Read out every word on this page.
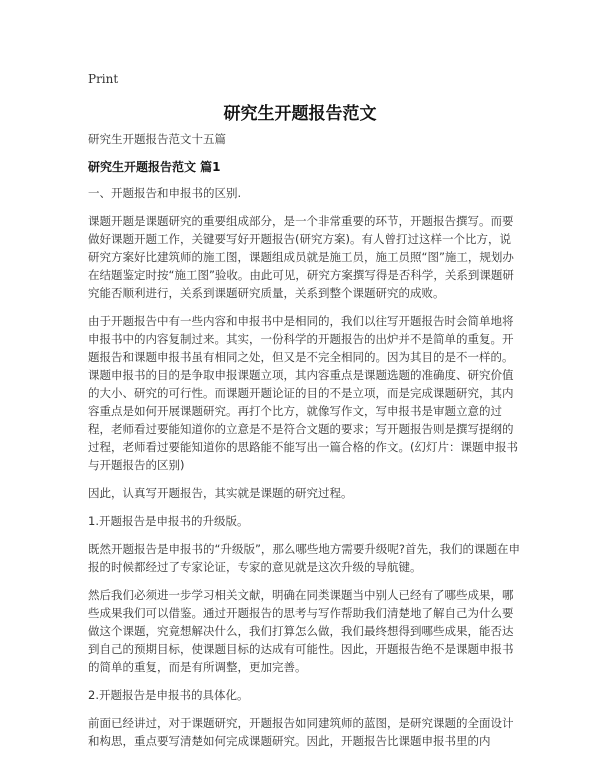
Print
研究生开题报告范文
研究生开题报告范文十五篇
研究生开题报告范文 篇1

一、开题报告和申报书的区别.

课题开题是课题研究的重要组成部分，是一个非常重要的环节，开题报告撰写。而要做好课题开题工作，关键要写好开题报告(研究方案)。有人曾打过这样一个比方，说研究方案好比建筑师的施工图，课题组成员就是施工员，施工员照“图”施工，规划办在结题鉴定时按“施工图”验收。由此可见，研究方案撰写得是否科学，关系到课题研究能否顺利进行，关系到课题研究质量，关系到整个课题研究的成败。

由于开题报告中有一些内容和申报书中是相同的，我们以往写开题报告时会简单地将申报书中的内容复制过来。其实，一份科学的开题报告的出炉并不是简单的重复。开题报告和课题申报书虽有相同之处，但又是不完全相同的。因为其目的是不一样的。课题申报书的目的是争取申报课题立项，其内容重点是课题选题的准确度、研究价值的大小、研究的可行性。而课题开题论证的目的不是立项，而是完成课题研究，其内容重点是如何开展课题研究。再打个比方，就像写作文，写申报书是审题立意的过程，老师看过要能知道你的立意是不是符合文题的要求；写开题报告则是撰写提纲的过程，老师看过要能知道你的思路能不能写出一篇合格的作文。(幻灯片：课题申报书与开题报告的区别)

因此，认真写开题报告，其实就是课题的研究过程。

1.开题报告是申报书的升级版。

既然开题报告是申报书的“升级版”，那么哪些地方需要升级呢?首先，我们的课题在申报的时候都经过了专家论证，专家的意见就是这次升级的导航键。

然后我们必须进一步学习相关文献，明确在同类课题当中别人已经有了哪些成果，哪些成果我们可以借鉴。通过开题报告的思考与写作帮助我们清楚地了解自己为什么要做这个课题，究竟想解决什么，我们打算怎么做，我们最终想得到哪些成果，能否达到自己的预期目标，使课题目标的达成有可能性。因此，开题报告绝不是课题申报书的简单的重复，而是有所调整，更加完善。

2.开题报告是申报书的具体化。

前面已经讲过，对于课题研究，开题报告如同建筑师的蓝图，是研究课题的全面设计和构思，重点要写清楚如何完成课题研究。因此，开题报告比课题申报书里的内
